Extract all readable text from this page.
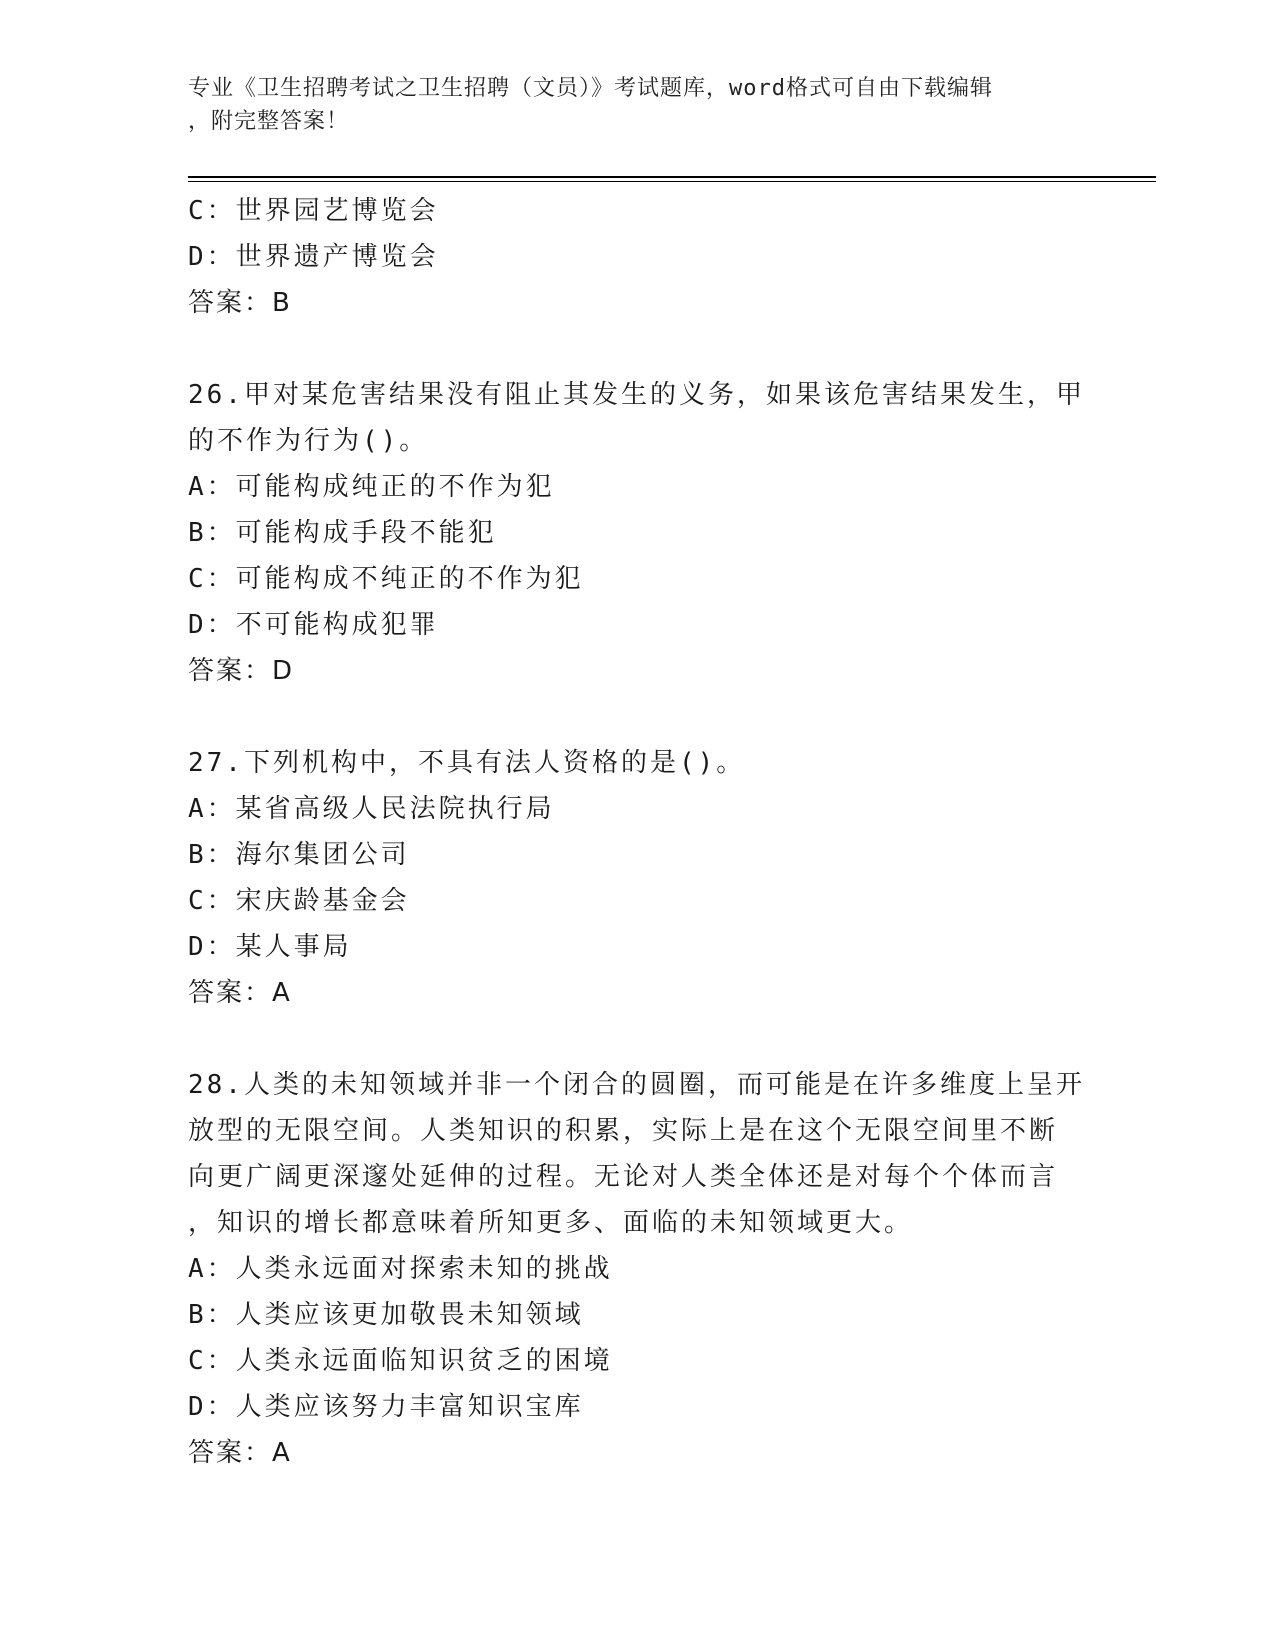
专业《卫生招聘考试之卫生招聘（文员）》考试题库，word格式可自由下载编辑
，附完整答案！
C：世界园艺博览会
D：世界遗产博览会
答案：B
26.甲对某危害结果没有阻止其发生的义务，如果该危害结果发生，甲
的不作为行为()。
A：可能构成纯正的不作为犯
B：可能构成手段不能犯
C：可能构成不纯正的不作为犯
D：不可能构成犯罪
答案：D
27.下列机构中，不具有法人资格的是()。
A：某省高级人民法院执行局
B：海尔集团公司
C：宋庆龄基金会
D：某人事局
答案：A
28.人类的未知领域并非一个闭合的圆圈，而可能是在许多维度上呈开
放型的无限空间。人类知识的积累，实际上是在这个无限空间里不断
向更广阔更深邃处延伸的过程。无论对人类全体还是对每个个体而言
，知识的增长都意味着所知更多、面临的未知领域更大。
A：人类永远面对探索未知的挑战
B：人类应该更加敬畏未知领域
C：人类永远面临知识贫乏的困境
D：人类应该努力丰富知识宝库
答案：A
